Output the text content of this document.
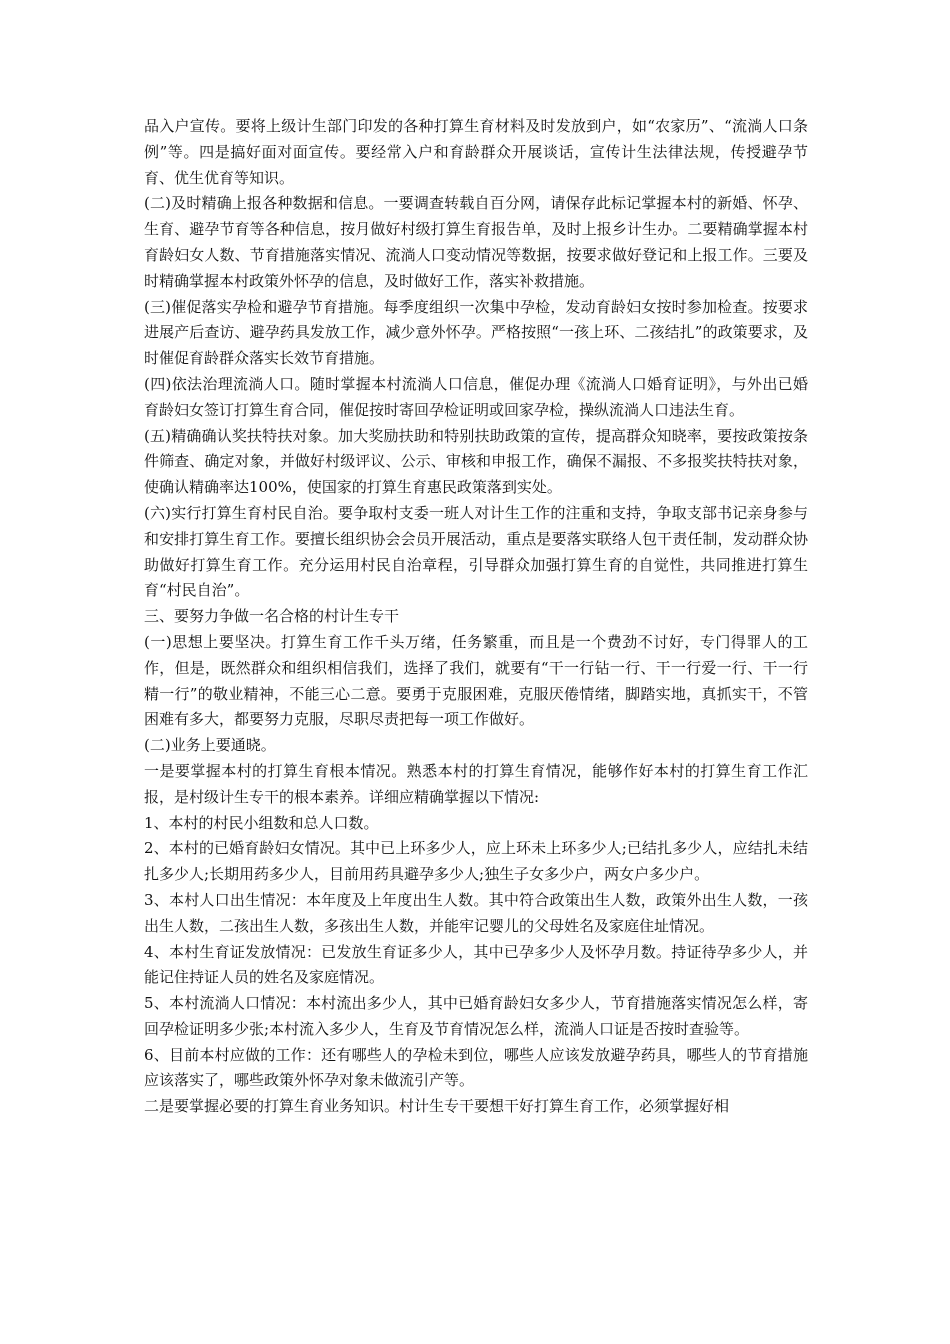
品入户宣传。要将上级计生部门印发的各种打算生育材料及时发放到户，如“农家历”、“流淌人口条例”等。四是搞好面对面宣传。要经常入户和育龄群众开展谈话，宣传计生法律法规，传授避孕节育、优生优育等知识。

(二)及时精确上报各种数据和信息。一要调查转载自百分网，请保存此标记掌握本村的新婚、怀孕、生育、避孕节育等各种信息，按月做好村级打算生育报告单，及时上报乡计生办。二要精确掌握本村育龄妇女人数、节育措施落实情况、流淌人口变动情况等数据，按要求做好登记和上报工作。三要及时精确掌握本村政策外怀孕的信息，及时做好工作，落实补救措施。

(三)催促落实孕检和避孕节育措施。每季度组织一次集中孕检，发动育龄妇女按时参加检查。按要求进展产后查访、避孕药具发放工作，减少意外怀孕。严格按照“一孩上环、二孩结扎”的政策要求，及时催促育龄群众落实长效节育措施。

(四)依法治理流淌人口。随时掌握本村流淌人口信息，催促办理《流淌人口婚育证明》，与外出已婚育龄妇女签订打算生育合同，催促按时寄回孕检证明或回家孕检，操纵流淌人口违法生育。

(五)精确确认奖扶特扶对象。加大奖励扶助和特别扶助政策的宣传，提高群众知晓率，要按政策按条件筛查、确定对象，并做好村级评议、公示、审核和申报工作，确保不漏报、不多报奖扶特扶对象，使确认精确率达100%，使国家的打算生育惠民政策落到实处。

(六)实行打算生育村民自治。要争取村支委一班人对计生工作的注重和支持，争取支部书记亲身参与和安排打算生育工作。要擅长组织协会会员开展活动，重点是要落实联络人包干责任制，发动群众协助做好打算生育工作。充分运用村民自治章程，引导群众加强打算生育的自觉性，共同推进打算生育“村民自治”。

三、要努力争做一名合格的村计生专干

(一)思想上要坚决。打算生育工作千头万绪，任务繁重，而且是一个费劲不讨好，专门得罪人的工作，但是，既然群众和组织相信我们，选择了我们，就要有“干一行钻一行、干一行爱一行、干一行精一行”的敬业精神，不能三心二意。要勇于克服困难，克服厌倦情绪，脚踏实地，真抓实干，不管困难有多大，都要努力克服，尽职尽责把每一项工作做好。

(二)业务上要通晓。

一是要掌握本村的打算生育根本情况。熟悉本村的打算生育情况，能够作好本村的打算生育工作汇报，是村级计生专干的根本素养。详细应精确掌握以下情况:

1、本村的村民小组数和总人口数。

2、本村的已婚育龄妇女情况。其中已上环多少人，应上环未上环多少人;已结扎多少人，应结扎未结扎多少人;长期用药多少人，目前用药具避孕多少人;独生子女多少户，两女户多少户。

3、本村人口出生情况：本年度及上年度出生人数。其中符合政策出生人数，政策外出生人数，一孩出生人数，二孩出生人数，多孩出生人数，并能牢记婴儿的父母姓名及家庭住址情况。

4、本村生育证发放情况：已发放生育证多少人，其中已孕多少人及怀孕月数。持证待孕多少人，并能记住持证人员的姓名及家庭情况。

5、本村流淌人口情况：本村流出多少人，其中已婚育龄妇女多少人，节育措施落实情况怎么样，寄回孕检证明多少张;本村流入多少人，生育及节育情况怎么样，流淌人口证是否按时查验等。

6、目前本村应做的工作：还有哪些人的孕检未到位，哪些人应该发放避孕药具，哪些人的节育措施应该落实了，哪些政策外怀孕对象未做流引产等。

二是要掌握必要的打算生育业务知识。村计生专干要想干好打算生育工作，必须掌握好相
